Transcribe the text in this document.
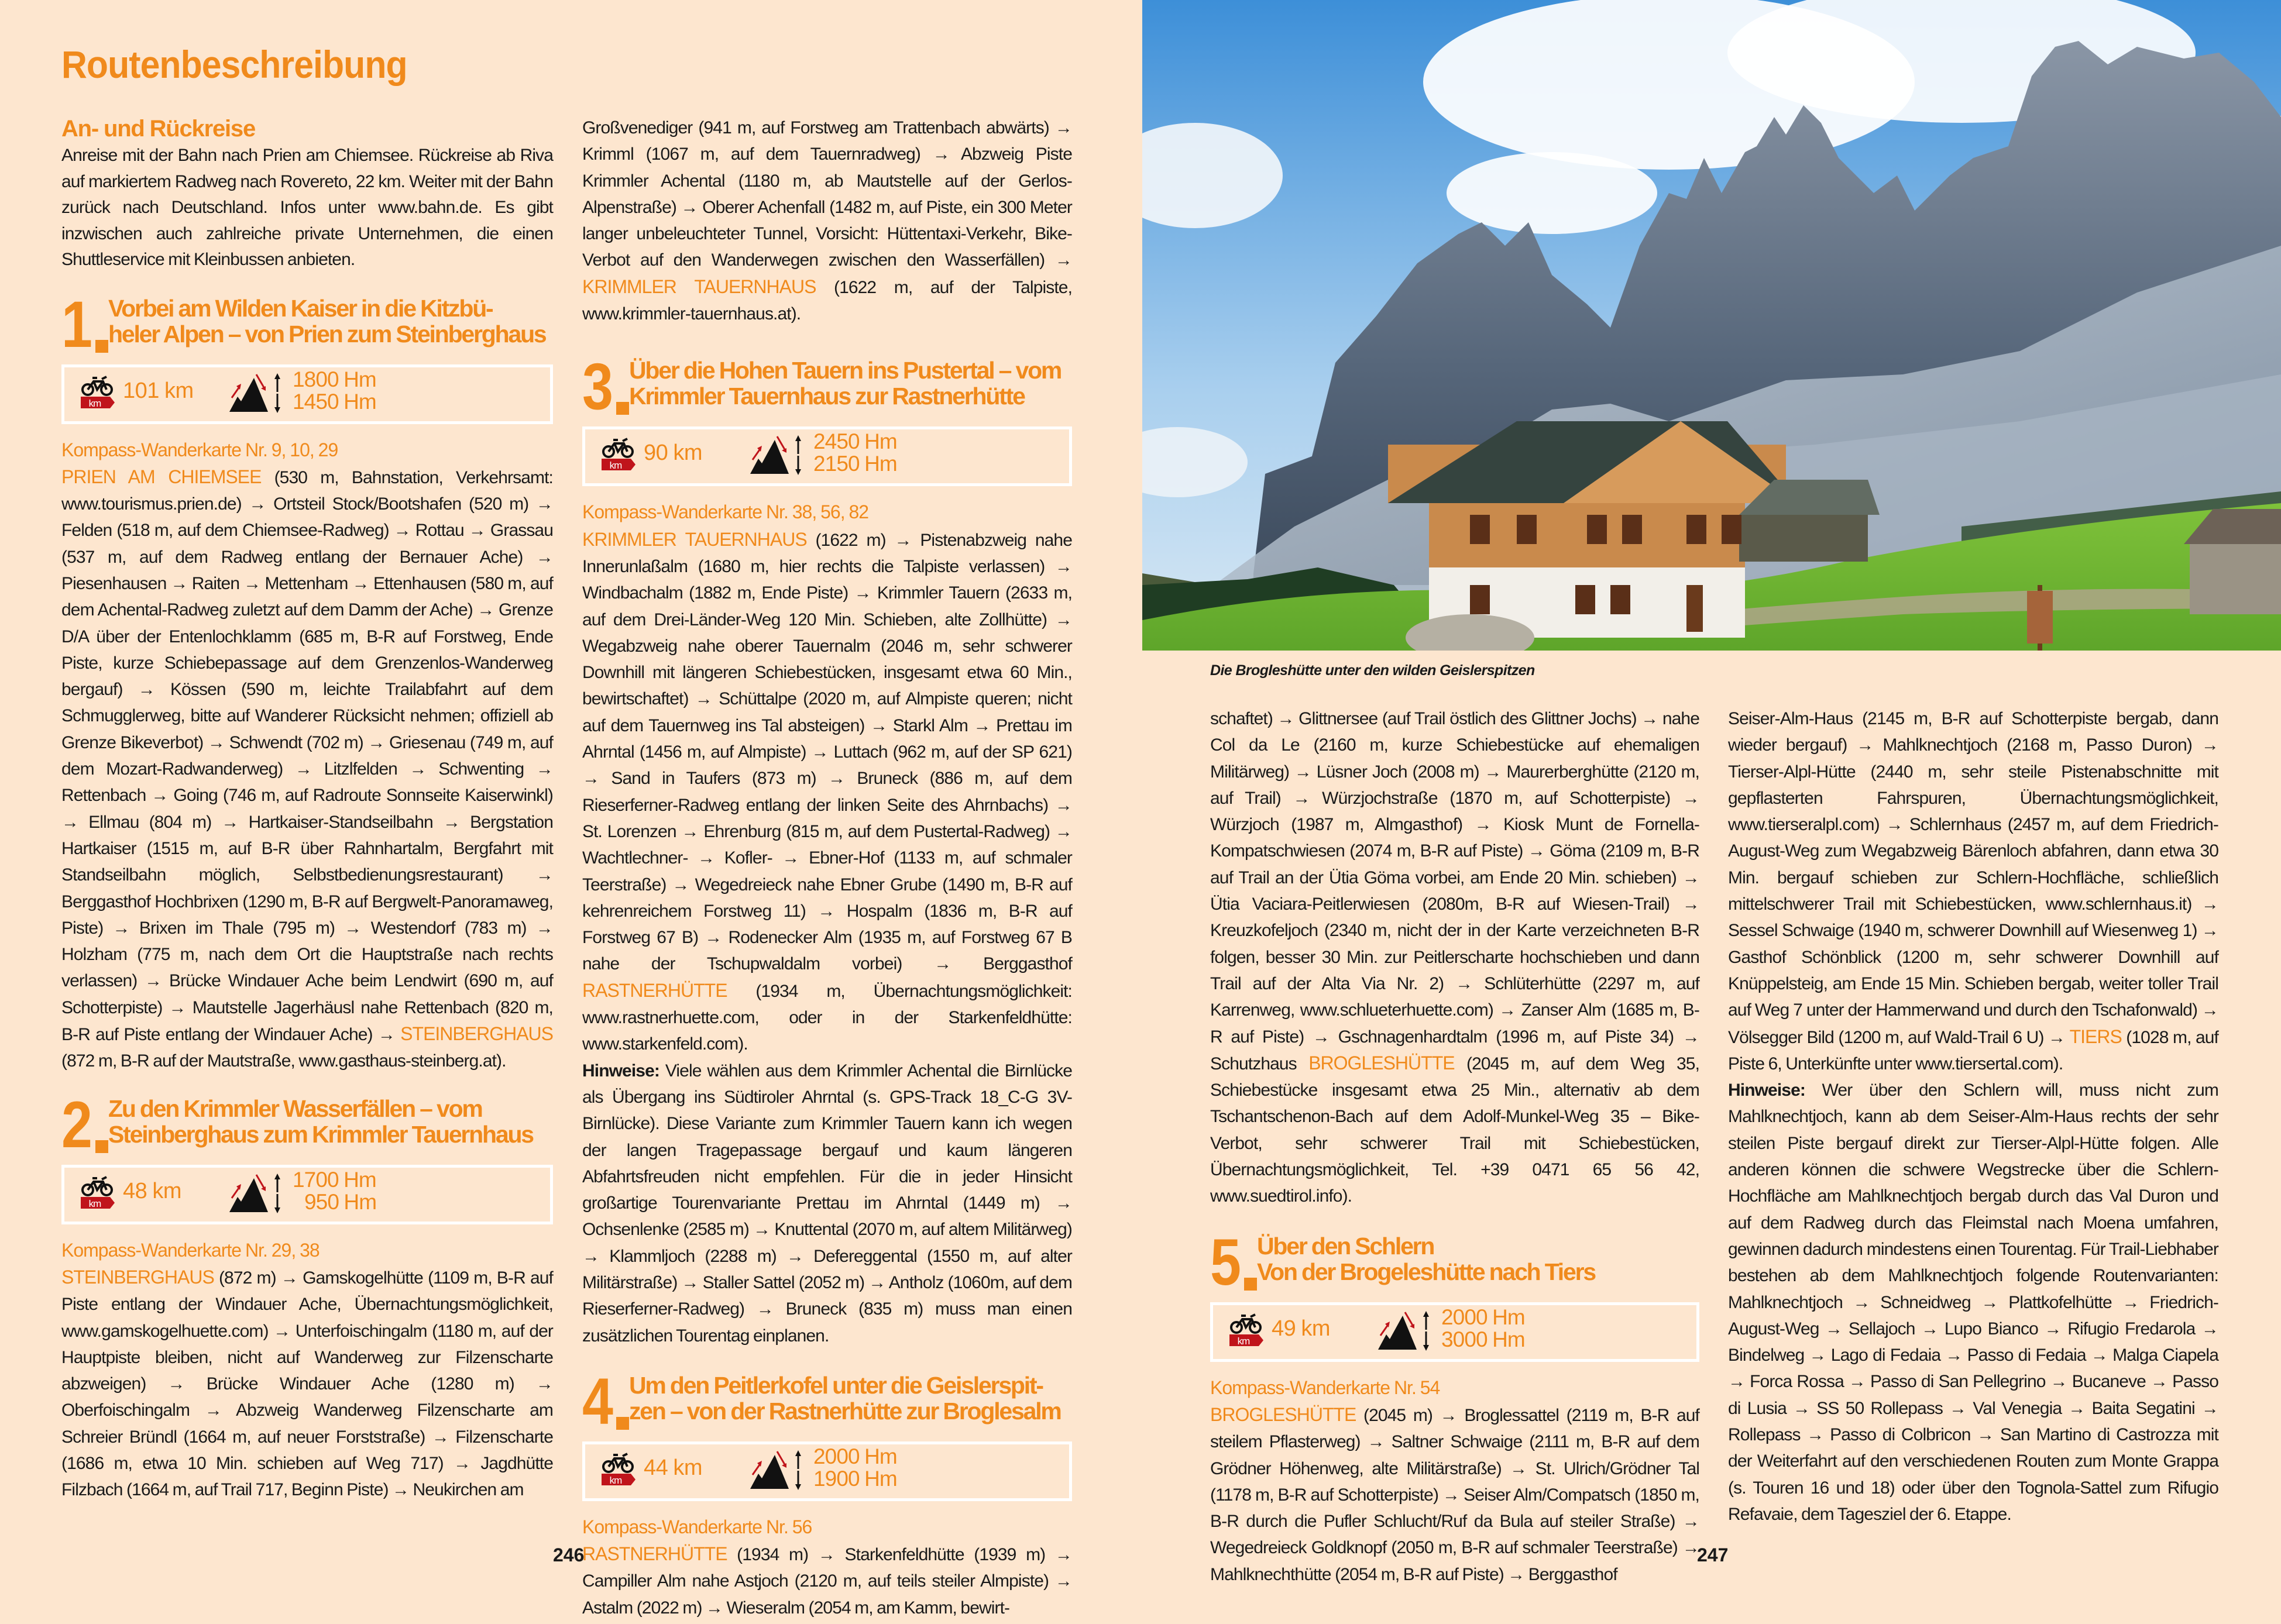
Routenbeschreibung
An- und Rückreise

Anreise mit der Bahn nach Prien am Chiemsee. Rückreise ab Riva auf markiertem Radweg nach Rovereto, 22 km. Weiter mit der Bahn zurück nach Deutschland. Infos unter www.bahn.de. Es gibt inzwischen auch zahlreiche private Unternehmen, die einen Shuttleservice mit Kleinbussen anbieten.

1 Vorbei am Wilden Kaiser in die Kitzbü-
heler Alpen – von Prien zum Steinberghaus
km
101 km	1800 Hm
1450 Hm

Kompass-Wanderkarte Nr. 9, 10, 29
PRIEN AM CHIEMSEE (530 m, Bahnstation, Verkehrsamt: www.tourismus.prien.de) → Ortsteil Stock/Bootshafen (520 m) → Felden (518 m, auf dem Chiemsee-Radweg) → Rottau → Grassau (537 m, auf dem Radweg entlang der Bernauer Ache) → Piesenhausen → Raiten → Mettenham → Ettenhausen (580 m, auf dem Achental-Radweg zuletzt auf dem Damm der Ache) → Grenze D/A über der Entenlochklamm (685 m, B-R auf Forstweg, Ende Piste, kurze Schiebepassage auf dem Grenzenlos-Wanderweg bergauf) → Kössen (590 m, leichte Trailabfahrt auf dem Schmugglerweg, bitte auf Wanderer Rücksicht nehmen; offiziell ab Grenze Bikeverbot) → Schwendt (702 m) → Griesenau (749 m, auf dem Mozart-Radwanderweg) → Litzlfelden → Schwenting → Rettenbach → Going (746 m, auf Radroute Sonnseite Kaiserwinkl) → Ellmau (804 m) → Hartkaiser-Standseilbahn → Bergstation Hartkaiser (1515 m, auf B-R über Rahnhartalm, Bergfahrt mit Standseilbahn möglich, Selbstbedienungsrestaurant) → Berggasthof Hochbrixen (1290 m, B-R auf Bergwelt-Panoramaweg, Piste) → Brixen im Thale (795 m) → Westendorf (783 m) → Holzham (775 m, nach dem Ort die Hauptstraße nach rechts verlassen) → Brücke Windauer Ache beim Lendwirt (690 m, auf Schotterpiste) → Mautstelle Jagerhäusl nahe Rettenbach (820 m, B-R auf Piste entlang der Windauer Ache) → STEINBERGHAUS (872 m, B-R auf der Mautstraße, www.gasthaus-steinberg.at).

2 Zu den Krimmler Wasserfällen – vom
Steinberghaus zum Krimmler Tauernhaus
km
48 km	1700 Hm
950 Hm

Kompass-Wanderkarte Nr. 29, 38
STEINBERGHAUS (872 m) → Gamskogelhütte (1109 m, B-R auf Piste entlang der Windauer Ache, Übernachtungsmöglichkeit, www.gamskogelhuette.com) → Unterfoischingalm (1180 m, auf der Hauptpiste bleiben, nicht auf Wanderweg zur Filzenscharte abzweigen) → Brücke Windauer Ache (1280 m) → Oberfoischingalm → Abzweig Wanderweg Filzenscharte am Schreier Bründl (1664 m, auf neuer Forststraße) → Filzenscharte (1686 m, etwa 10 Min. schieben auf Weg 717) → Jagdhütte Filzbach (1664 m, auf Trail 717, Beginn Piste) → Neukirchen am

Großvenediger (941 m, auf Forstweg am Trattenbach abwärts) → Krimml (1067 m, auf dem Tauernradweg) → Abzweig Piste Krimmler Achental (1180 m, ab Mautstelle auf der Gerlos-Alpenstraße) → Oberer Achenfall (1482 m, auf Piste, ein 300 Meter langer unbeleuchteter Tunnel, Vorsicht: Hüttentaxi-Verkehr, Bike-Verbot auf den Wanderwegen zwischen den Wasserfällen) → KRIMMLER TAUERNHAUS (1622 m, auf der Talpiste, www.krimmler-tauernhaus.at).

3 Über die Hohen Tauern ins Pustertal – vom
Krimmler Tauernhaus zur Rastnerhütte
km
90 km	2450 Hm
2150 Hm

Kompass-Wanderkarte Nr. 38, 56, 82
KRIMMLER TAUERNHAUS (1622 m) → Pistenabzweig nahe Innerunlaßalm (1680 m, hier rechts die Talpiste verlassen) → Windbachalm (1882 m, Ende Piste) → Krimmler Tauern (2633 m, auf dem Drei-Länder-Weg 120 Min. Schieben, alte Zollhütte) → Wegabzweig nahe oberer Tauernalm (2046 m, sehr schwerer Downhill mit längeren Schiebestücken, insgesamt etwa 60 Min., bewirtschaftet) → Schüttalpe (2020 m, auf Almpiste queren; nicht auf dem Tauernweg ins Tal absteigen) → Starkl Alm → Prettau im Ahrntal (1456 m, auf Almpiste) → Luttach (962 m, auf der SP 621) → Sand in Taufers (873 m) → Bruneck (886 m, auf dem Rieserferner-Radweg entlang der linken Seite des Ahrnbachs) → St. Lorenzen → Ehrenburg (815 m, auf dem Pustertal-Radweg) → Wachtlechner- → Kofler- → Ebner-Hof (1133 m, auf schmaler Teerstraße) → Wegedreieck nahe Ebner Grube (1490 m, B-R auf kehrenreichem Forstweg 11) → Hospalm (1836 m, B-R auf Forstweg 67 B) → Rodenecker Alm (1935 m, auf Forstweg 67 B nahe der Tschupwaldalm vorbei) → Berggasthof RASTNERHÜTTE (1934 m, Übernachtungsmöglichkeit: www.rastnerhuette.com, oder in der Starkenfeldhütte: www.starkenfeld.com).

Hinweise: Viele wählen aus dem Krimmler Achental die Birnlücke als Übergang ins Südtiroler Ahrntal (s. GPS-Track 18_C-G 3V-Birnlücke). Diese Variante zum Krimmler Tauern kann ich wegen der langen Tragepassage bergauf und kaum längeren Abfahrtsfreuden nicht empfehlen. Für die in jeder Hinsicht großartige Tourenvariante Prettau im Ahrntal (1449 m) → Ochsenlenke (2585 m) → Knuttental (2070 m, auf altem Militärweg) → Klammljoch (2288 m) → Defereggental (1550 m, auf alter Militärstraße) → Staller Sattel (2052 m) → Antholz (1060m, auf dem Rieserferner-Radweg) → Bruneck (835 m) muss man einen zusätzlichen Tourentag einplanen.

4 Um den Peitlerkofel unter die Geislerspit-
zen – von der Rastnerhütte zur Broglesalm
km
44 km	2000 Hm
1900 Hm

Kompass-Wanderkarte Nr. 56
RASTNERHÜTTE (1934 m) → Starkenfeldhütte (1939 m) → Campiller Alm nahe Astjoch (2120 m, auf teils steiler Almpiste) → Astalm (2022 m) → Wieseralm (2054 m, am Kamm, bewirt-

Die Brogleshütte unter den wilden Geislerspitzen

schaftet) → Glittnersee (auf Trail östlich des Glittner Jochs) → nahe Col da Le (2160 m, kurze Schiebestücke auf ehemaligen Militärweg) → Lüsner Joch (2008 m) → Maurerberghütte (2120 m, auf Trail) → Würzjochstraße (1870 m, auf Schotterpiste) → Würzjoch (1987 m, Almgasthof) → Kiosk Munt de Fornella-Kompatschwiesen (2074 m, B-R auf Piste) → Göma (2109 m, B-R auf Trail an der Ütia Göma vorbei, am Ende 20 Min. schieben) → Ütia Vaciara-Peitlerwiesen (2080m, B-R auf Wiesen-Trail) → Kreuzkofeljoch (2340 m, nicht der in der Karte verzeichneten B-R folgen, besser 30 Min. zur Peitlerscharte hochschieben und dann Trail auf der Alta Via Nr. 2) → Schlüterhütte (2297 m, auf Karrenweg, www.schlueterhuette.com) → Zanser Alm (1685 m, B-R auf Piste) → Gschnagenhardtalm (1996 m, auf Piste 34) → Schutzhaus BROGLESHÜTTE (2045 m, auf dem Weg 35, Schiebestücke insgesamt etwa 25 Min., alternativ ab dem Tschantschenon-Bach auf dem Adolf-Munkel-Weg 35 – Bike-Verbot, sehr schwerer Trail mit Schiebestücken, Übernachtungsmöglichkeit, Tel. +39 0471 65 56 42, www.suedtirol.info).

5 Über den Schlern
Von der Brogeleshütte nach Tiers
km
49 km	2000 Hm
3000 Hm

Kompass-Wanderkarte Nr. 54
BROGLESHÜTTE (2045 m) → Broglessattel (2119 m, B-R auf steilem Pflasterweg) → Saltner Schwaige (2111 m, B-R auf dem Grödner Höhenweg, alte Militärstraße) → St. Ulrich/Grödner Tal (1178 m, B-R auf Schotterpiste) → Seiser Alm/Compatsch (1850 m, B-R durch die Pufler Schlucht/Ruf da Bula auf steiler Straße) → Wegedreieck Goldknopf (2050 m, B-R auf schmaler Teerstraße) → Mahlknechthütte (2054 m, B-R auf Piste) → Berggasthof

Seiser-Alm-Haus (2145 m, B-R auf Schotterpiste bergab, dann wieder bergauf) → Mahlknechtjoch (2168 m, Passo Duron) → Tierser-Alpl-Hütte (2440 m, sehr steile Pistenabschnitte mit gepflasterten Fahrspuren, Übernachtungsmöglichkeit, www.tierseralpl.com) → Schlernhaus (2457 m, auf dem Friedrich-August-Weg zum Wegabzweig Bärenloch abfahren, dann etwa 30 Min. bergauf schieben zur Schlern-Hochfläche, schließlich mittelschwerer Trail mit Schiebestücken, www.schlernhaus.it) → Sessel Schwaige (1940 m, schwerer Downhill auf Wiesenweg 1) → Gasthof Schönblick (1200 m, sehr schwerer Downhill auf Knüppelsteig, am Ende 15 Min. Schieben bergab, weiter toller Trail auf Weg 7 unter der Hammerwand und durch den Tschafonwald) → Völsegger Bild (1200 m, auf Wald-Trail 6 U) → TIERS (1028 m, auf Piste 6, Unterkünfte unter www.tiersertal.com).

Hinweise: Wer über den Schlern will, muss nicht zum Mahlknechtjoch, kann ab dem Seiser-Alm-Haus rechts der sehr steilen Piste bergauf direkt zur Tierser-Alpl-Hütte folgen. Alle anderen können die schwere Wegstrecke über die Schlern-Hochfläche am Mahlknechtjoch bergab durch das Val Duron und auf dem Radweg durch das Fleimstal nach Moena umfahren, gewinnen dadurch mindestens einen Tourentag. Für Trail-Liebhaber bestehen ab dem Mahlknechtjoch folgende Routenvarianten: Mahlknechtjoch → Schneidweg → Plattkofelhütte → Friedrich-August-Weg → Sellajoch → Lupo Bianco → Rifugio Fredarola → Bindelweg → Lago di Fedaia → Passo di Fedaia → Malga Ciapela → Forca Rossa → Passo di San Pellegrino → Bucaneve → Passo di Lusia → SS 50 Rollepass → Val Venegia → Baita Segatini → Rollepass → Passo di Colbricon → San Martino di Castrozza mit der Weiterfahrt auf den verschiedenen Routen zum Monte Grappa (s. Touren 16 und 18) oder über den Tognola-Sattel zum Rifugio Refavaie, dem Tagesziel der 6. Etappe.

246	247
